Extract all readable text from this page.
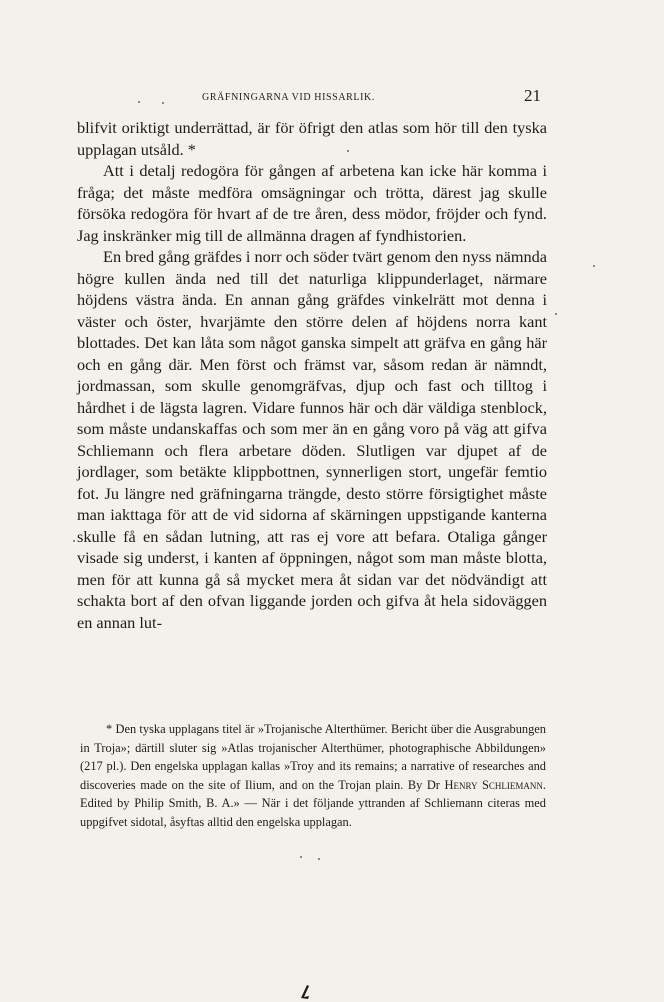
GRÄFNINGARNA VID HISSARLIK.	21

blifvit oriktigt underrättad, är för öfrigt den atlas som hör till den tyska upplagan utsåld. *

Att i detalj redogöra för gången af arbetena kan icke här komma i fråga; det måste medföra omsägningar och trötta, därest jag skulle försöka redogöra för hvart af de tre åren, dess mödor, fröjder och fynd. Jag inskränker mig till de allmänna dragen af fyndhistorien.

En bred gång gräfdes i norr och söder tvärt genom den nyss nämnda högre kullen ända ned till det naturliga klippunderlaget, närmare höjdens västra ända. En annan gång gräfdes vinkelrätt mot denna i väster och öster, hvarjämte den större delen af höjdens norra kant blottades. Det kan låta som något ganska simpelt att gräfva en gång här och en gång där. Men först och främst var, såsom redan är nämndt, jordmassan, som skulle genomgräfvas, djup och fast och tilltog i hårdhet i de lägsta lagren. Vidare funnos här och där väldiga stenblock, som måste undanskaffas och som mer än en gång voro på väg att gifva Schliemann och flera arbetare döden. Slutligen var djupet af de jordlager, som betäkte klippbottnen, synnerligen stort, ungefär femtio fot. Ju längre ned gräfningarna trängde, desto större försigtighet måste man iakttaga för att de vid sidorna af skärningen uppstigande kanterna skulle få en sådan lutning, att ras ej vore att befara. Otaliga gånger visade sig underst, i kanten af öppningen, något som man måste blotta, men för att kunna gå så mycket mera åt sidan var det nödvändigt att schakta bort af den ofvan liggande jorden och gifva åt hela sidoväggen en annan lut-

* Den tyska upplagans titel är »Trojanische Alterthümer. Bericht über die Ausgrabungen in Troja»; därtill sluter sig »Atlas trojanischer Alterthümer, photographische Abbildungen» (217 pl.). Den engelska upplagan kallas »Troy and its remains; a narrative of researches and discoveries made on the site of Ilium, and on the Trojan plain. By Dr Henry Schliemann. Edited by Philip Smith, B. A.» — När i det följande yttranden af Schliemann citeras med uppgifvet sidotal, åsyftas alltid den engelska upplagan.
